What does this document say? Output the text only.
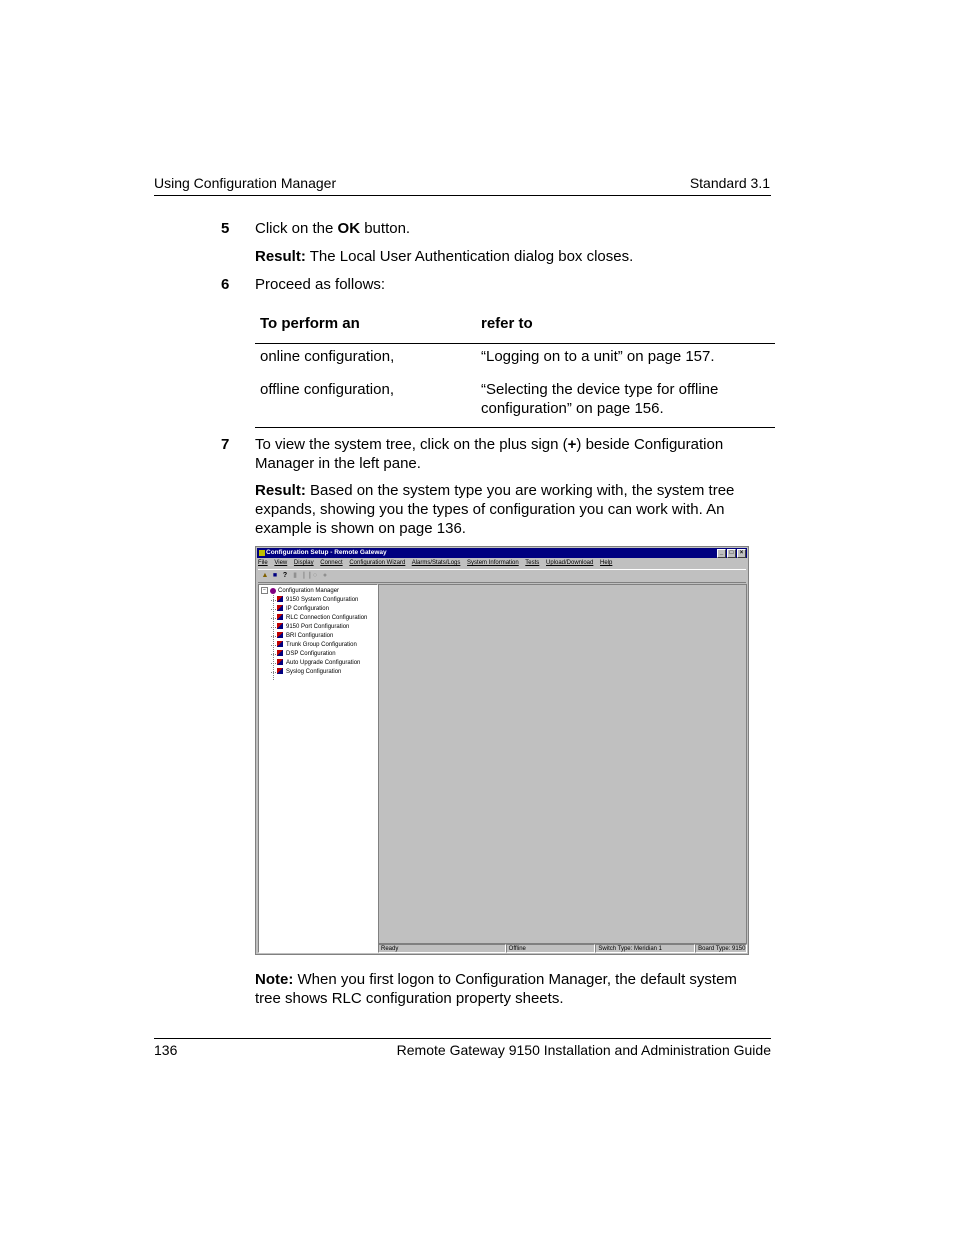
Using Configuration Manager	Standard 3.1
5 Click on the OK button.
Result: The Local User Authentication dialog box closes.
6 Proceed as follows:
To perform an	refer to
online configuration,	“Logging on to a unit” on page 157.
offline configuration,	“Selecting the device type for offline configuration” on page 156.
7 To view the system tree, click on the plus sign (+) beside Configuration Manager in the left pane.
Result: Based on the system type you are working with, the system tree expands, showing you the types of configuration you can work with. An example is shown on page 136.
Configuration Setup - Remote Gateway	_	□	×
File View Display Connect Configuration Wizard Alarms/Stats/Logs System Information Tests Upload/Download Help
▲ ■ ? ▮ ❙❙ ○ ●
− Configuration Manager
9150 System Configuration
IP Configuration
RLC Connection Configuration
9150 Port Configuration
BRI Configuration
Trunk Group Configuration
DSP Configuration
Auto Upgrade Configuration
Syslog Configuration
Ready	Offline	Switch Type: Meridian 1	Board Type: 9150
Note: When you first logon to Configuration Manager, the default system tree shows RLC configuration property sheets.
136	Remote Gateway 9150 Installation and Administration Guide
